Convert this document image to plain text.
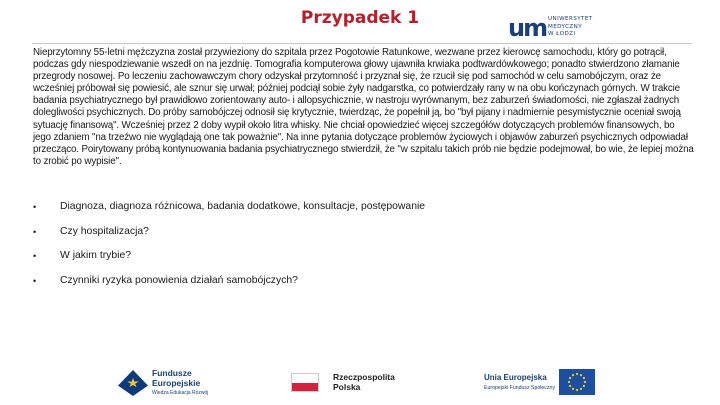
Przypadek 1	um UNIWERSYTET
MEDYCZNY
W ŁODZI
Nieprzytomny 55-letni mężczyzna został przywieziony do szpitala przez Pogotowie Ratunkowe, wezwane przez kierowcę samochodu, który go potrącił, podczas gdy niespodziewanie wszedł on na jezdnię. Tomografia komputerowa głowy ujawniła krwiaka podtwardówkowego; ponadto stwierdzono złamanie przegrody nosowej. Po leczeniu zachowawczym chory odzyskał przytomność i przyznał się, że rzucił się pod samochód w celu samobójczym, oraz że wcześniej próbował się powiesić, ale sznur się urwał; później podciął sobie żyły nadgarstka, co potwierdzały rany w na obu kończynach górnych. W trakcie badania psychiatrycznego był prawidłowo zorientowany auto- i allopsychicznie, w nastroju wyrównanym, bez zaburzeń świadomości, nie zgłaszał żadnych dolegliwości psychicznych. Do próby samobójczej odnosił się krytycznie, twierdząc, że popełnił ją, bo "był pijany i nadmiernie pesymistycznie oceniał swoją sytuację finansową". Wcześniej przez 2 doby wypił około litra whisky. Nie chciał opowiedzieć więcej szczegółów dotyczących problemów finansowych, bo jego zdaniem "na trzeźwo nie wyglądają one tak poważnie". Na inne pytania dotyczące problemów życiowych i objawów zaburzeń psychicznych odpowiadał przecząco. Poirytowany próbą kontynuowania badania psychiatrycznego stwierdził, że "w szpitalu takich prób nie będzie podejmował, bo wie, że lepiej można to zrobić po wypisie".
• Diagnoza, diagnoza różnicowa, badania dodatkowe, konsultacje, postępowanie
• Czy hospitalizacja?
• W jakim trybie?
• Czynniki ryzyka ponowienia działań samobójczych?
Fundusze
Europejskie
Wiedza Edukacja Rozwój
Rzeczpospolita
Polska
Unia Europejska
Europejski Fundusz Społeczny
